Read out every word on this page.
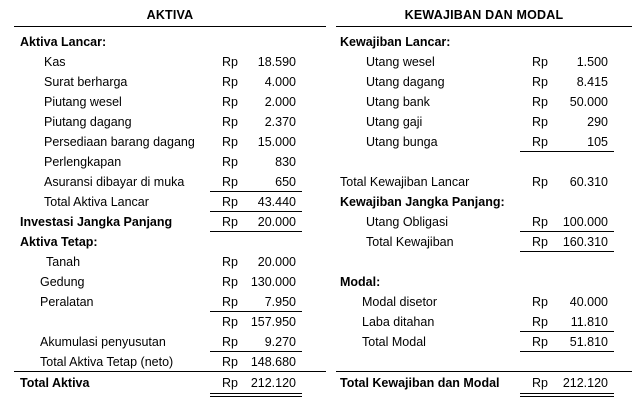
AKTIVA	KEWAJIBAN DAN MODAL
Aktiva Lancar:
Kas	Rp	18.590
Surat berharga	Rp	4.000
Piutang wesel	Rp	2.000
Piutang dagang	Rp	2.370
Persediaan barang dagang Rp	15.000
Perlengkapan	Rp	830
Asuransi dibayar di muka	Rp	650
Total Aktiva Lancar	Rp	43.440
Investasi Jangka Panjang	Rp	20.000
Aktiva Tetap:
Tanah	Rp	20.000
Gedung	Rp	130.000
Peralatan	Rp	7.950
Rp	157.950
Akumulasi penyusutan	Rp	9.270
Total Aktiva Tetap (neto)	Rp	148.680
Total Aktiva	Rp	212.120
Kewajiban Lancar:
Utang wesel	Rp	1.500
Utang dagang	Rp	8.415
Utang bank	Rp	50.000
Utang gaji	Rp	290
Utang bunga	Rp	105
Total Kewajiban Lancar	Rp	60.310
Kewajiban Jangka Panjang:
Utang Obligasi	Rp	100.000
Total Kewajiban	Rp	160.310
Modal:
Modal disetor	Rp	40.000
Laba ditahan	Rp	11.810
Total Modal	Rp	51.810
Total Kewajiban dan Modal	Rp	212.120
